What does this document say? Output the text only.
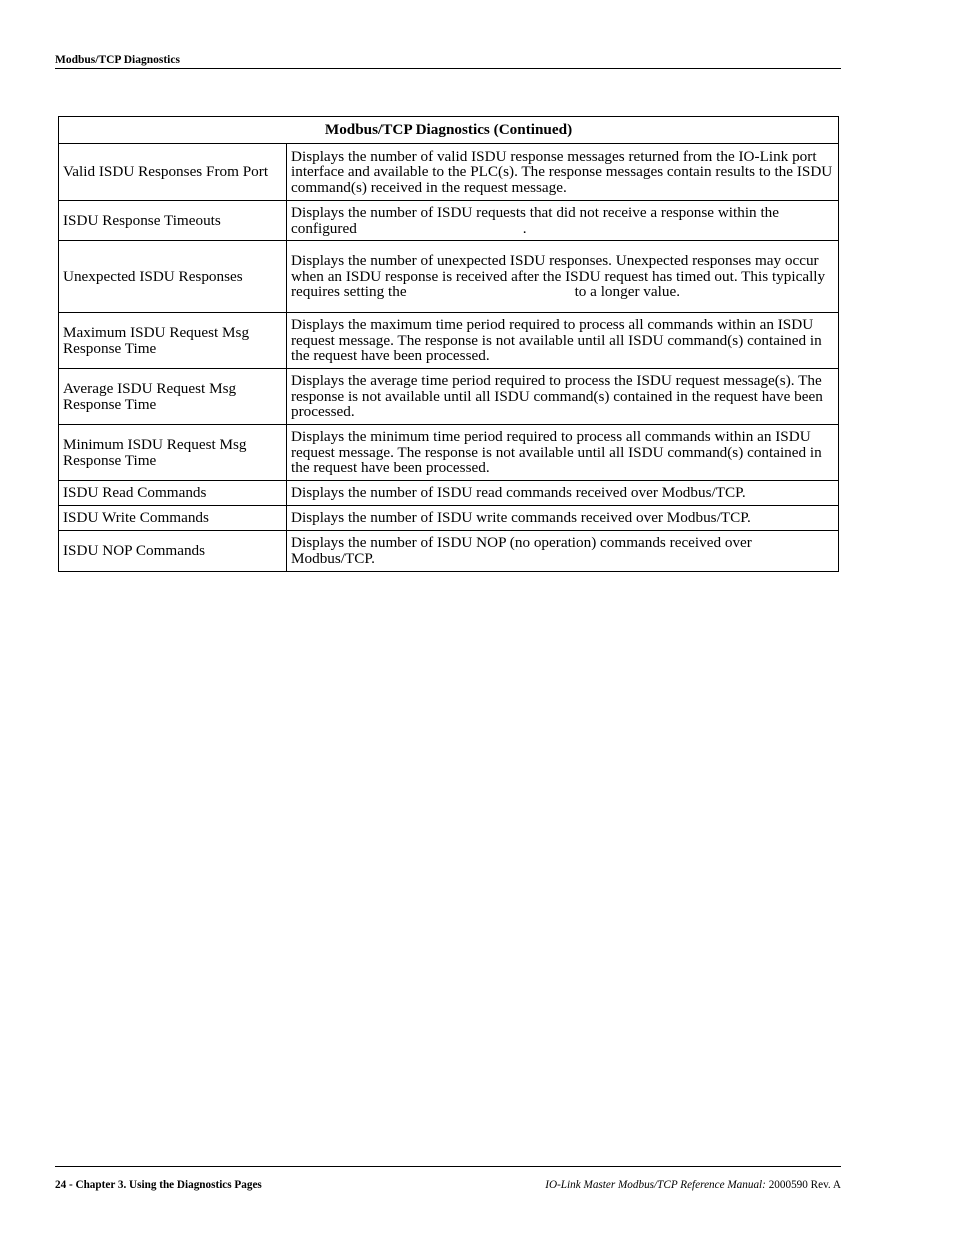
Modbus/TCP Diagnostics
Modbus/TCP Diagnostics (Continued)	
Valid ISDU Responses From Port	Displays the number of valid ISDU response messages returned from the IO-Link port interface and available to the PLC(s). The response messages contain results to the ISDU command(s) received in the request message.
ISDU Response Timeouts	Displays the number of ISDU requests that did not receive a response within the configured .
Unexpected ISDU Responses	Displays the number of unexpected ISDU responses. Unexpected responses may occur when an ISDU response is received after the ISDU request has timed out. This typically requires setting the to a longer value.
Maximum ISDU Request Msg Response Time	Displays the maximum time period required to process all commands within an ISDU request message. The response is not available until all ISDU command(s) contained in the request have been processed.
Average ISDU Request Msg Response Time	Displays the average time period required to process the ISDU request message(s). The response is not available until all ISDU command(s) contained in the request have been processed.
Minimum ISDU Request Msg Response Time	Displays the minimum time period required to process all commands within an ISDU request message. The response is not available until all ISDU command(s) contained in the request have been processed.
ISDU Read Commands	Displays the number of ISDU read commands received over Modbus/TCP.
ISDU Write Commands	Displays the number of ISDU write commands received over Modbus/TCP.
ISDU NOP Commands	Displays the number of ISDU NOP (no operation) commands received over Modbus/TCP.
24 - Chapter 3. Using the Diagnostics Pages	IO-Link Master Modbus/TCP Reference Manual: 2000590 Rev. A
